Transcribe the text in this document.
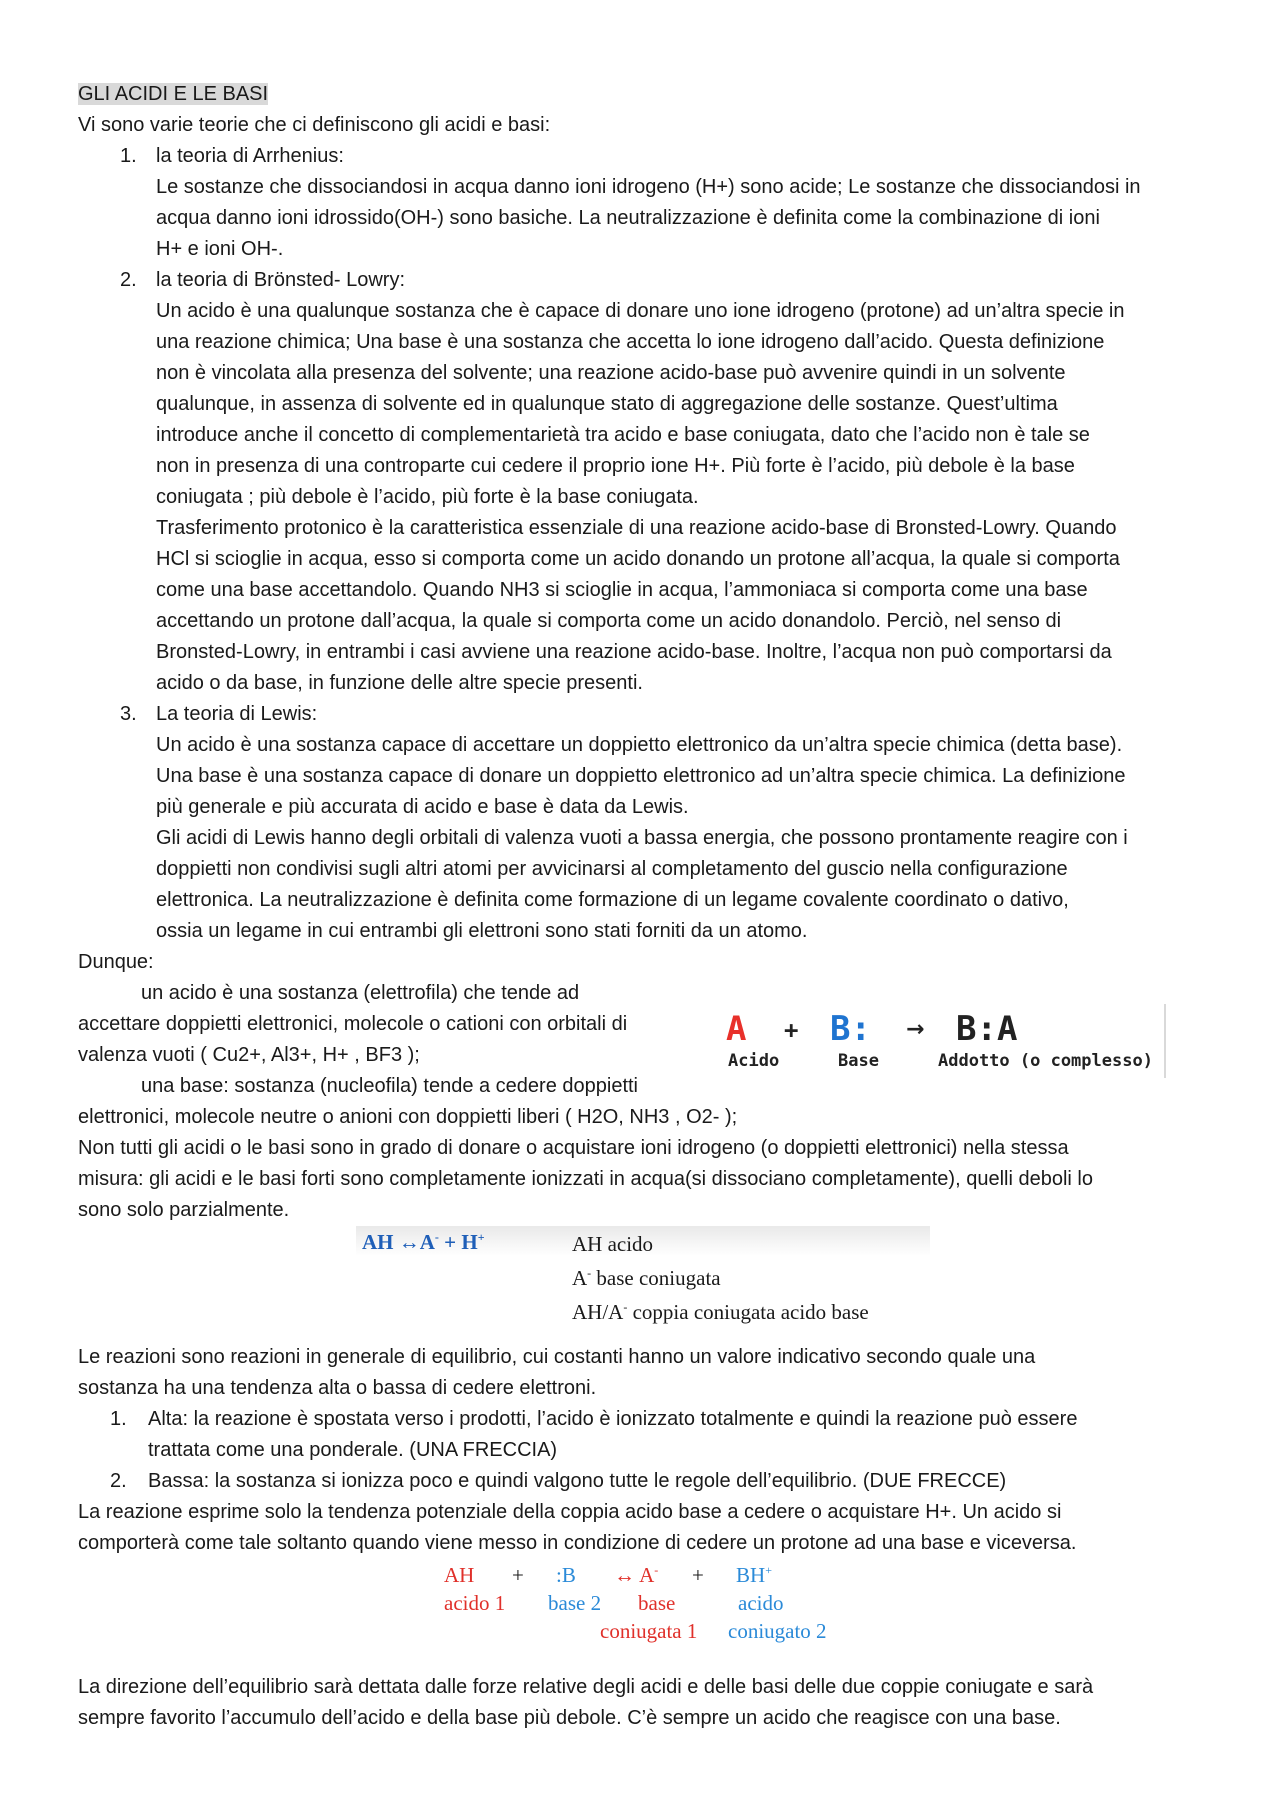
GLI ACIDI E LE BASI
Vi sono varie teorie che ci definiscono gli acidi e basi:
1. la teoria di Arrhenius:
Le sostanze che dissociandosi in acqua danno ioni idrogeno (H+) sono acide; Le sostanze che dissociandosi in
acqua danno ioni idrossido(OH-) sono basiche. La neutralizzazione è definita come la combinazione di ioni
H+ e ioni OH-.
2. la teoria di Brönsted- Lowry:
Un acido è una qualunque sostanza che è capace di donare uno ione idrogeno (protone) ad un’altra specie in
una reazione chimica; Una base è una sostanza che accetta lo ione idrogeno dall’acido. Questa definizione
non è vincolata alla presenza del solvente; una reazione acido-base può avvenire quindi in un solvente
qualunque, in assenza di solvente ed in qualunque stato di aggregazione delle sostanze. Quest’ultima
introduce anche il concetto di complementarietà tra acido e base coniugata, dato che l’acido non è tale se
non in presenza di una controparte cui cedere il proprio ione H+. Più forte è l’acido, più debole è la base
coniugata ; più debole è l’acido, più forte è la base coniugata.
Trasferimento protonico è la caratteristica essenziale di una reazione acido-base di Bronsted-Lowry. Quando
HCl si scioglie in acqua, esso si comporta come un acido donando un protone all’acqua, la quale si comporta
come una base accettandolo. Quando NH3 si scioglie in acqua, l’ammoniaca si comporta come una base
accettando un protone dall’acqua, la quale si comporta come un acido donandolo. Perciò, nel senso di
Bronsted-Lowry, in entrambi i casi avviene una reazione acido-base. Inoltre, l’acqua non può comportarsi da
acido o da base, in funzione delle altre specie presenti.
3. La teoria di Lewis:
Un acido è una sostanza capace di accettare un doppietto elettronico da un’altra specie chimica (detta base).
Una base è una sostanza capace di donare un doppietto elettronico ad un’altra specie chimica. La definizione
più generale e più accurata di acido e base è data da Lewis.
Gli acidi di Lewis hanno degli orbitali di valenza vuoti a bassa energia, che possono prontamente reagire con i
doppietti non condivisi sugli altri atomi per avvicinarsi al completamento del guscio nella configurazione
elettronica. La neutralizzazione è definita come formazione di un legame covalente coordinato o dativo,
ossia un legame in cui entrambi gli elettroni sono stati forniti da un atomo.
Dunque:
un acido è una sostanza (elettrofila) che tende ad
accettare doppietti elettronici, molecole o cationi con orbitali di
valenza vuoti ( Cu2+, Al3+, H+ , BF3 );
una base: sostanza (nucleofila) tende a cedere doppietti
elettronici, molecole neutre o anioni con doppietti liberi ( H2O, NH3 , O2- );
A + B: → B:A
Acido	Base	Addotto (o complesso)
Non tutti gli acidi o le basi sono in grado di donare o acquistare ioni idrogeno (o doppietti elettronici) nella stessa
misura: gli acidi e le basi forti sono completamente ionizzati in acqua(si dissociano completamente), quelli deboli lo
sono solo parzialmente.
AH ↔A- + H+	AH acido
A- base coniugata
AH/A- coppia coniugata acido base
Le reazioni sono reazioni in generale di equilibrio, cui costanti hanno un valore indicativo secondo quale una
sostanza ha una tendenza alta o bassa di cedere elettroni.
1. Alta: la reazione è spostata verso i prodotti, l’acido è ionizzato totalmente e quindi la reazione può essere
trattata come una ponderale. (UNA FRECCIA)
2. Bassa: la sostanza si ionizza poco e quindi valgono tutte le regole dell’equilibrio. (DUE FRECCE)
La reazione esprime solo la tendenza potenziale della coppia acido base a cedere o acquistare H+. Un acido si
comporterà come tale soltanto quando viene messo in condizione di cedere un protone ad una base e viceversa.
AH + :B ↔ A- + BH+
acido 1 base 2 base	acido
coniugata 1 coniugato 2
La direzione dell’equilibrio sarà dettata dalle forze relative degli acidi e delle basi delle due coppie coniugate e sarà
sempre favorito l’accumulo dell’acido e della base più debole. C’è sempre un acido che reagisce con una base.
